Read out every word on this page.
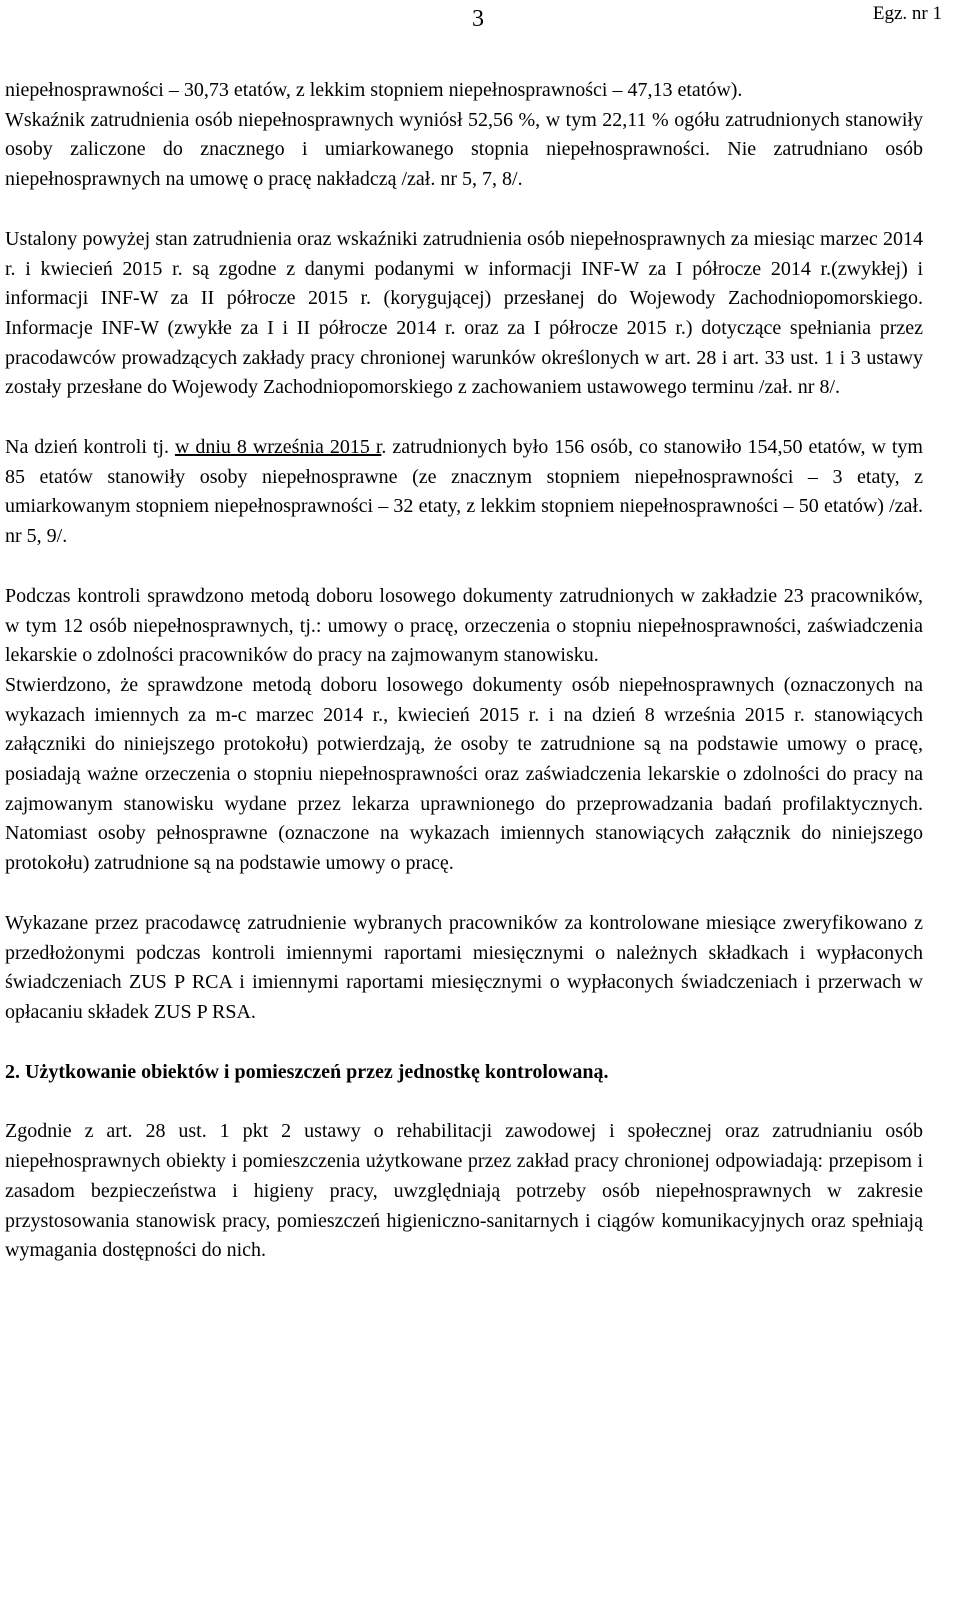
3	Egz. nr 1

niepełnosprawności – 30,73 etatów, z lekkim stopniem niepełnosprawności – 47,13 etatów).

Wskaźnik zatrudnienia osób niepełnosprawnych wyniósł 52,56 %, w tym 22,11 % ogółu zatrudnionych stanowiły osoby zaliczone do znacznego i umiarkowanego stopnia niepełnosprawności. Nie zatrudniano osób niepełnosprawnych na umowę o pracę nakładczą /zał. nr 5, 7, 8/.

Ustalony powyżej stan zatrudnienia oraz wskaźniki zatrudnienia osób niepełnosprawnych za miesiąc marzec 2014 r. i kwiecień 2015 r. są zgodne z danymi podanymi w informacji INF-W za I półrocze 2014 r.(zwykłej) i informacji INF-W za II półrocze 2015 r. (korygującej) przesłanej do Wojewody Zachodniopomorskiego. Informacje INF-W (zwykłe za I i II półrocze 2014 r. oraz za I półrocze 2015 r.) dotyczące spełniania przez pracodawców prowadzących zakłady pracy chronionej warunków określonych w art. 28 i art. 33 ust. 1 i 3 ustawy zostały przesłane do Wojewody Zachodniopomorskiego z zachowaniem ustawowego terminu /zał. nr 8/.

Na dzień kontroli tj. w dniu 8 września 2015 r. zatrudnionych było 156 osób, co stanowiło 154,50 etatów, w tym 85 etatów stanowiły osoby niepełnosprawne (ze znacznym stopniem niepełnosprawności – 3 etaty, z umiarkowanym stopniem niepełnosprawności – 32 etaty, z lekkim stopniem niepełnosprawności – 50 etatów) /zał. nr 5, 9/.

Podczas kontroli sprawdzono metodą doboru losowego dokumenty zatrudnionych w zakładzie 23 pracowników, w tym 12 osób niepełnosprawnych, tj.: umowy o pracę, orzeczenia o stopniu niepełnosprawności, zaświadczenia lekarskie o zdolności pracowników do pracy na zajmowanym stanowisku.

Stwierdzono, że sprawdzone metodą doboru losowego dokumenty osób niepełnosprawnych (oznaczonych na wykazach imiennych za m-c marzec 2014 r., kwiecień 2015 r. i na dzień 8 września 2015 r. stanowiących załączniki do niniejszego protokołu) potwierdzają, że osoby te zatrudnione są na podstawie umowy o pracę, posiadają ważne orzeczenia o stopniu niepełnosprawności oraz zaświadczenia lekarskie o zdolności do pracy na zajmowanym stanowisku wydane przez lekarza uprawnionego do przeprowadzania badań profilaktycznych. Natomiast osoby pełnosprawne (oznaczone na wykazach imiennych stanowiących załącznik do niniejszego protokołu) zatrudnione są na podstawie umowy o pracę.

Wykazane przez pracodawcę zatrudnienie wybranych pracowników za kontrolowane miesiące zweryfikowano z przedłożonymi podczas kontroli imiennymi raportami miesięcznymi o należnych składkach i wypłaconych świadczeniach ZUS P RCA i imiennymi raportami miesięcznymi o wypłaconych świadczeniach i przerwach w opłacaniu składek ZUS P RSA.

2. Użytkowanie obiektów i pomieszczeń przez jednostkę kontrolowaną.

Zgodnie z art. 28 ust. 1 pkt 2 ustawy o rehabilitacji zawodowej i społecznej oraz zatrudnianiu osób niepełnosprawnych obiekty i pomieszczenia użytkowane przez zakład pracy chronionej odpowiadają: przepisom i zasadom bezpieczeństwa i higieny pracy, uwzględniają potrzeby osób niepełnosprawnych w zakresie przystosowania stanowisk pracy, pomieszczeń higieniczno-sanitarnych i ciągów komunikacyjnych oraz spełniają wymagania dostępności do nich.
